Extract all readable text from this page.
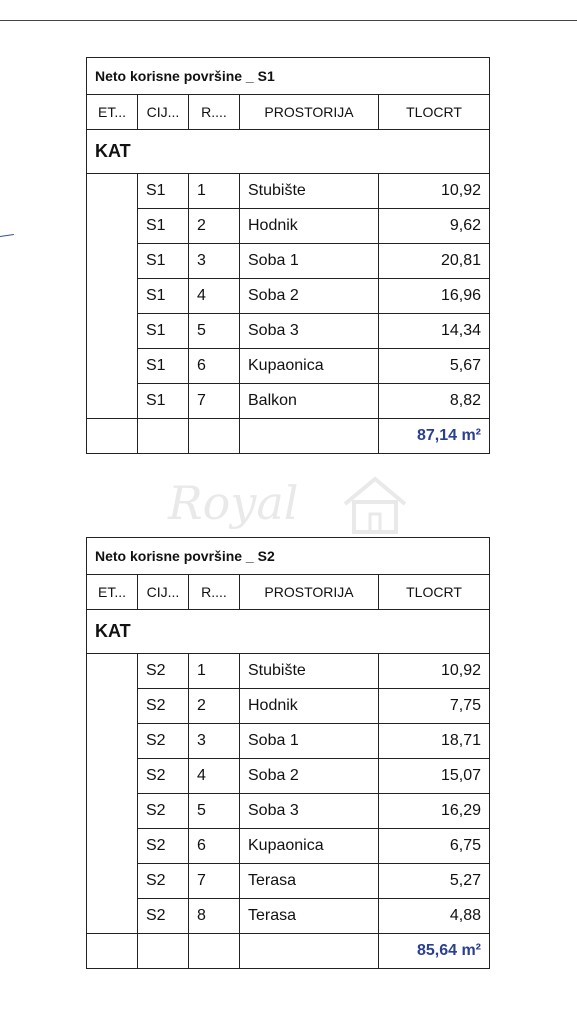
Royal
Neto korisne površine _ S1				
ET...	CIJ...	R....	PROSTORIJA	TLOCRT
KAT				
	S1	1	Stubište	10,92
	S1	2	Hodnik	9,62
	S1	3	Soba 1	20,81
	S1	4	Soba 2	16,96
	S1	5	Soba 3	14,34
	S1	6	Kupaonica	5,67
	S1	7	Balkon	8,82
				87,14 m²
Neto korisne površine _ S2				
ET...	CIJ...	R....	PROSTORIJA	TLOCRT
KAT				
	S2	1	Stubište	10,92
	S2	2	Hodnik	7,75
	S2	3	Soba 1	18,71
	S2	4	Soba 2	15,07
	S2	5	Soba 3	16,29
	S2	6	Kupaonica	6,75
	S2	7	Terasa	5,27
	S2	8	Terasa	4,88
				85,64 m²
